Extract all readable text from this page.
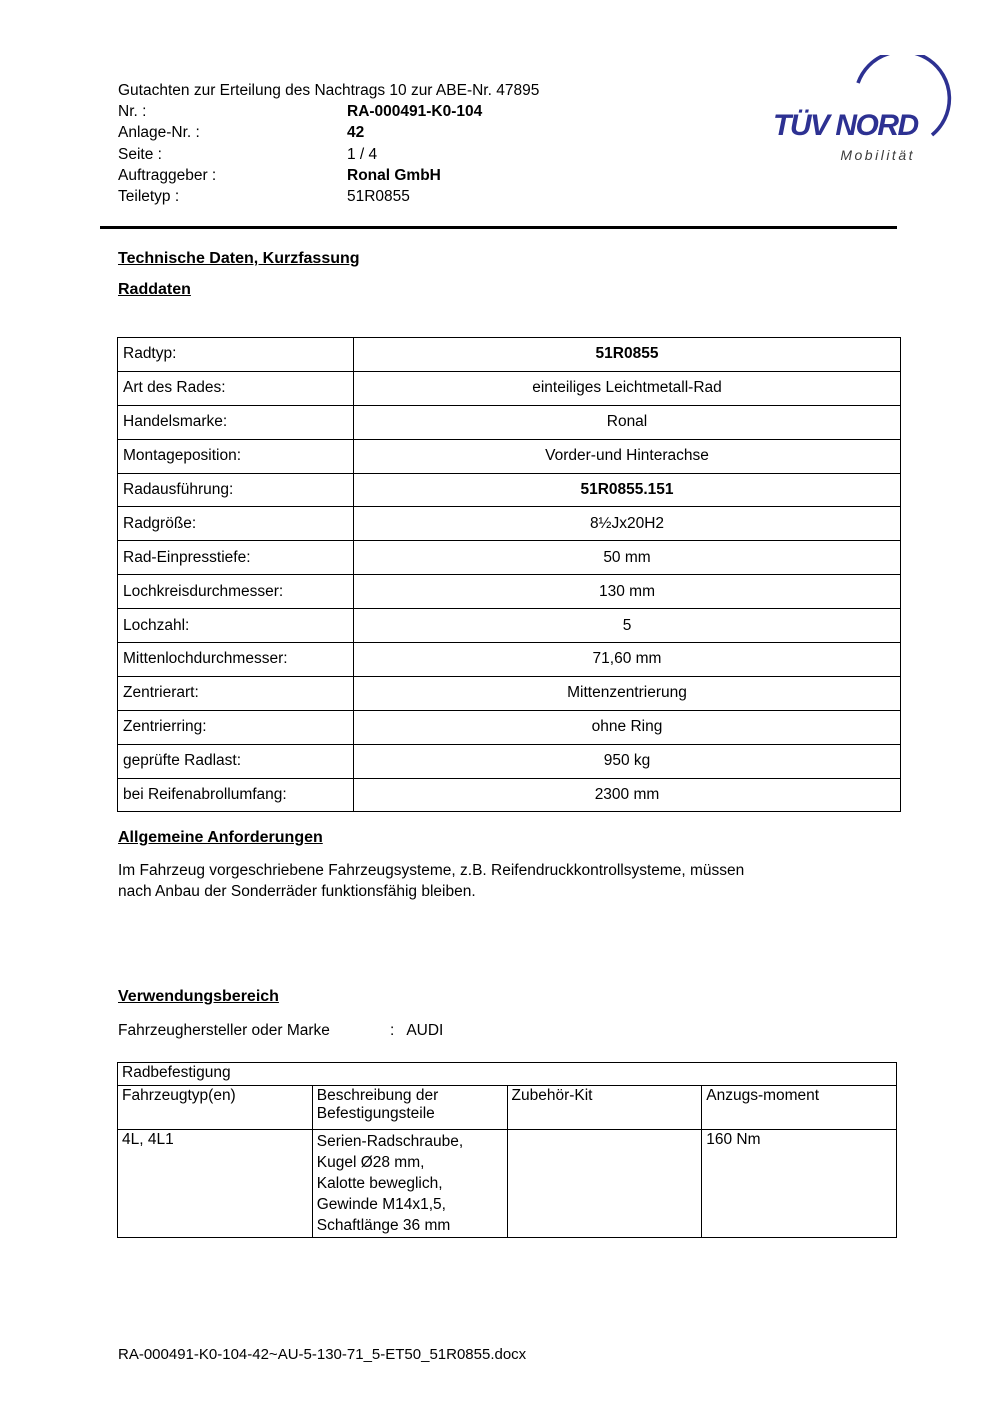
Gutachten zur Erteilung des Nachtrags 10 zur ABE-Nr. 47895
Nr. :	RA-000491-K0-104
Anlage-Nr. :	42
Seite :	1 / 4
Auftraggeber :	Ronal GmbH
Teiletyp :	51R0855
TÜV NORD
Mobilität
Technische Daten, Kurzfassung
Raddaten
Radtyp:	51R0855
Art des Rades:	einteiliges Leichtmetall-Rad
Handelsmarke:	Ronal
Montageposition:	Vorder-und Hinterachse
Radausführung:	51R0855.151
Radgröße:	8½Jx20H2
Rad-Einpresstiefe:	50 mm
Lochkreisdurchmesser:	130 mm
Lochzahl:	5
Mittenlochdurchmesser:	71,60 mm
Zentrierart:	Mittenzentrierung
Zentrierring:	ohne Ring
geprüfte Radlast:	950 kg
bei Reifenabrollumfang:	2300 mm
Allgemeine Anforderungen
Im Fahrzeug vorgeschriebene Fahrzeugsysteme, z.B. Reifendruckkontrollsysteme, müssen
nach Anbau der Sonderräder funktionsfähig bleiben.
Verwendungsbereich
Fahrzeughersteller oder Marke	: AUDI
Radbefestigung			
Fahrzeugtyp(en)	Beschreibung der Befestigungsteile	Zubehör-Kit	Anzugs-moment
4L, 4L1	Serien-Radschraube, Kugel Ø28 mm,
Kalotte beweglich, Gewinde M14x1,5,
Schaftlänge 36 mm		160 Nm
RA-000491-K0-104-42~AU-5-130-71_5-ET50_51R0855.docx
